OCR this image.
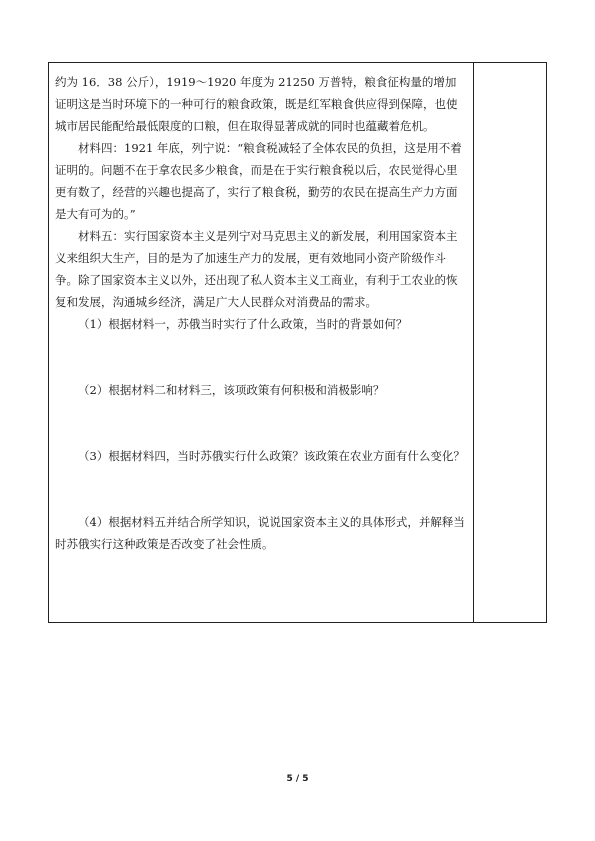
约为 16．38 公斤），1919～1920 年度为 21250 万普特，粮食征构量的增加证明这是当时环境下的一种可行的粮食政策，既是红军粮食供应得到保障，也使城市居民能配给最低限度的口粮，但在取得显著成就的同时也蕴藏着危机。

材料四：1921 年底，列宁说：“粮食税减轻了全体农民的负担，这是用不着证明的。问题不在于拿农民多少粮食，而是在于实行粮食税以后，农民觉得心里更有数了，经营的兴趣也提高了，实行了粮食税，勤劳的农民在提高生产力方面是大有可为的。”

材料五：实行国家资本主义是列宁对马克思主义的新发展，利用国家资本主义来组织大生产，目的是为了加速生产力的发展，更有效地同小资产阶级作斗争。除了国家资本主义以外，还出现了私人资本主义工商业，有利于工农业的恢复和发展，沟通城乡经济，满足广大人民群众对消费品的需求。

（1）根据材料一，苏俄当时实行了什么政策，当时的背景如何？

（2）根据材料二和材料三，该项政策有何积极和消极影响？

（3）根据材料四，当时苏俄实行什么政策？该政策在农业方面有什么变化？

（4）根据材料五并结合所学知识，说说国家资本主义的具体形式，并解释当时苏俄实行这种政策是否改变了社会性质。

5 / 5
